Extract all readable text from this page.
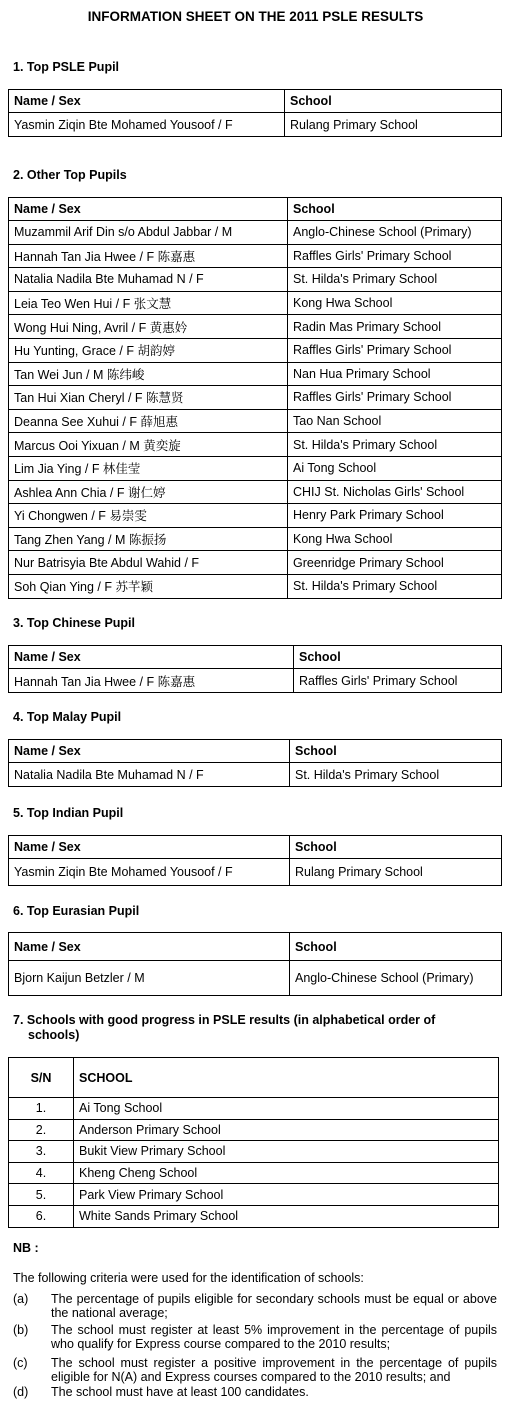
INFORMATION SHEET ON THE 2011 PSLE RESULTS
1. Top PSLE Pupil
Name / Sex	School
Yasmin Ziqin Bte Mohamed Yousoof / F	Rulang Primary School
2. Other Top Pupils
Name / Sex	School
Muzammil Arif Din s/o Abdul Jabbar / M	Anglo-Chinese School (Primary)
Hannah Tan Jia Hwee / F 陈嘉惠	Raffles Girls' Primary School
Natalia Nadila Bte Muhamad N / F	St. Hilda's Primary School
Leia Teo Wen Hui / F 张文慧	Kong Hwa School
Wong Hui Ning, Avril / F 黄惠妗	Radin Mas Primary School
Hu Yunting, Grace / F 胡韵婷	Raffles Girls' Primary School
Tan Wei Jun / M 陈纬峻	Nan Hua Primary School
Tan Hui Xian Cheryl / F 陈慧贤	Raffles Girls' Primary School
Deanna See Xuhui / F 薛旭惠	Tao Nan School
Marcus Ooi Yixuan / M 黄奕旋	St. Hilda's Primary School
Lim Jia Ying / F 林佳莹	Ai Tong School
Ashlea Ann Chia / F 谢仁婷	CHIJ St. Nicholas Girls' School
Yi Chongwen / F 易崇雯	Henry Park Primary School
Tang Zhen Yang / M 陈振扬	Kong Hwa School
Nur Batrisyia Bte Abdul Wahid / F	Greenridge Primary School
Soh Qian Ying / F 苏芊颖	St. Hilda's Primary School
3. Top Chinese Pupil
Name / Sex	School
Hannah Tan Jia Hwee / F 陈嘉惠	Raffles Girls' Primary School
4. Top Malay Pupil
Name / Sex	School
Natalia Nadila Bte Muhamad N / F	St. Hilda's Primary School
5. Top Indian Pupil
Name / Sex	School
Yasmin Ziqin Bte Mohamed Yousoof / F	Rulang Primary School
6. Top Eurasian Pupil
Name / Sex	School
Bjorn Kaijun Betzler / M	Anglo-Chinese School (Primary)
7. Schools with good progress in PSLE results (in alphabetical order of
schools)
S/N	SCHOOL
1.	Ai Tong School
2.	Anderson Primary School
3.	Bukit View Primary School
4.	Kheng Cheng School
5.	Park View Primary School
6.	White Sands Primary School
NB :
The following criteria were used for the identification of schools:
(a) The percentage of pupils eligible for secondary schools must be equal or above the national average;
(b) The school must register at least 5% improvement in the percentage of pupils who qualify for Express course compared to the 2010 results;
(c) The school must register a positive improvement in the percentage of pupils eligible for N(A) and Express courses compared to the 2010 results; and
(d) The school must have at least 100 candidates.
